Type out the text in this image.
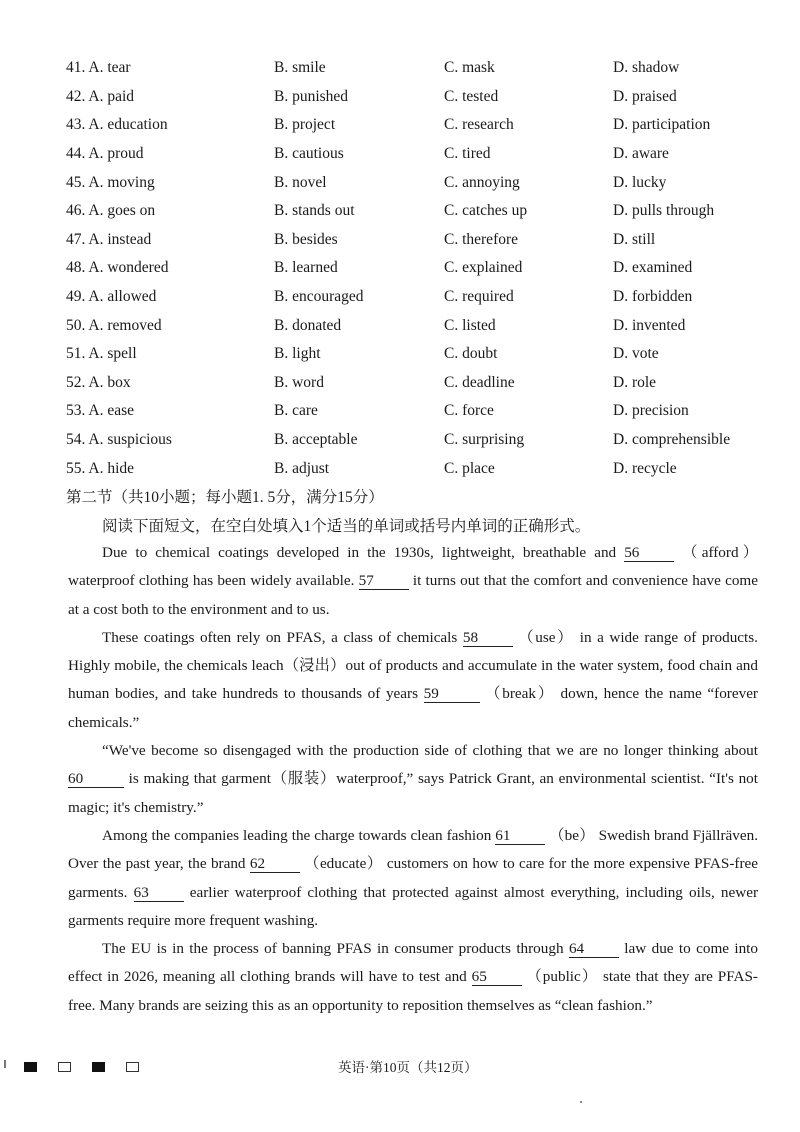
41. A. tear	B. smile	C. mask	D. shadow
42. A. paid	B. punished	C. tested	D. praised
43. A. education	B. project	C. research	D. participation
44. A. proud	B. cautious	C. tired	D. aware
45. A. moving	B. novel	C. annoying	D. lucky
46. A. goes on	B. stands out	C. catches up	D. pulls through
47. A. instead	B. besides	C. therefore	D. still
48. A. wondered	B. learned	C. explained	D. examined
49. A. allowed	B. encouraged	C. required	D. forbidden
50. A. removed	B. donated	C. listed	D. invented
51. A. spell	B. light	C. doubt	D. vote
52. A. box	B. word	C. deadline	D. role
53. A. ease	B. care	C. force	D. precision
54. A. suspicious	B. acceptable	C. surprising	D. comprehensible
55. A. hide	B. adjust	C. place	D. recycle
第二节（共10小题；每小题1. 5分，满分15分）
阅读下面短文，在空白处填入1个适当的单词或括号内单词的正确形式。

Due to chemical coatings developed in the 1930s, lightweight, breathable and 56 （afford） waterproof clothing has been widely available. 57 it turns out that the comfort and convenience have come at a cost both to the environment and to us.

These coatings often rely on PFAS, a class of chemicals 58 （use） in a wide range of products. Highly mobile, the chemicals leach（浸出）out of products and accumulate in the water system, food chain and human bodies, and take hundreds to thousands of years 59	（break） down, hence the name “forever chemicals.”

“We've become so disengaged with the production side of clothing that we are no longer thinking about 60	is making that garment（服装）waterproof,” says Patrick Grant, an environmental scientist. “It's not magic; it's chemistry.”

Among the companies leading the charge towards clean fashion 61 （be） Swedish brand Fjällräven. Over the past year, the brand 62 （educate） customers on how to care for the more expensive PFAS-free garments. 63 earlier waterproof clothing that protected against almost everything, including oils, newer garments require more frequent washing.

The EU is in the process of banning PFAS in consumer products through 64 law due to come into effect in 2026, meaning all clothing brands will have to test and 65 （public） state that they are PFAS-free. Many brands are seizing this as an opportunity to reposition themselves as “clean fashion.”

英语·第10页（共12页）
